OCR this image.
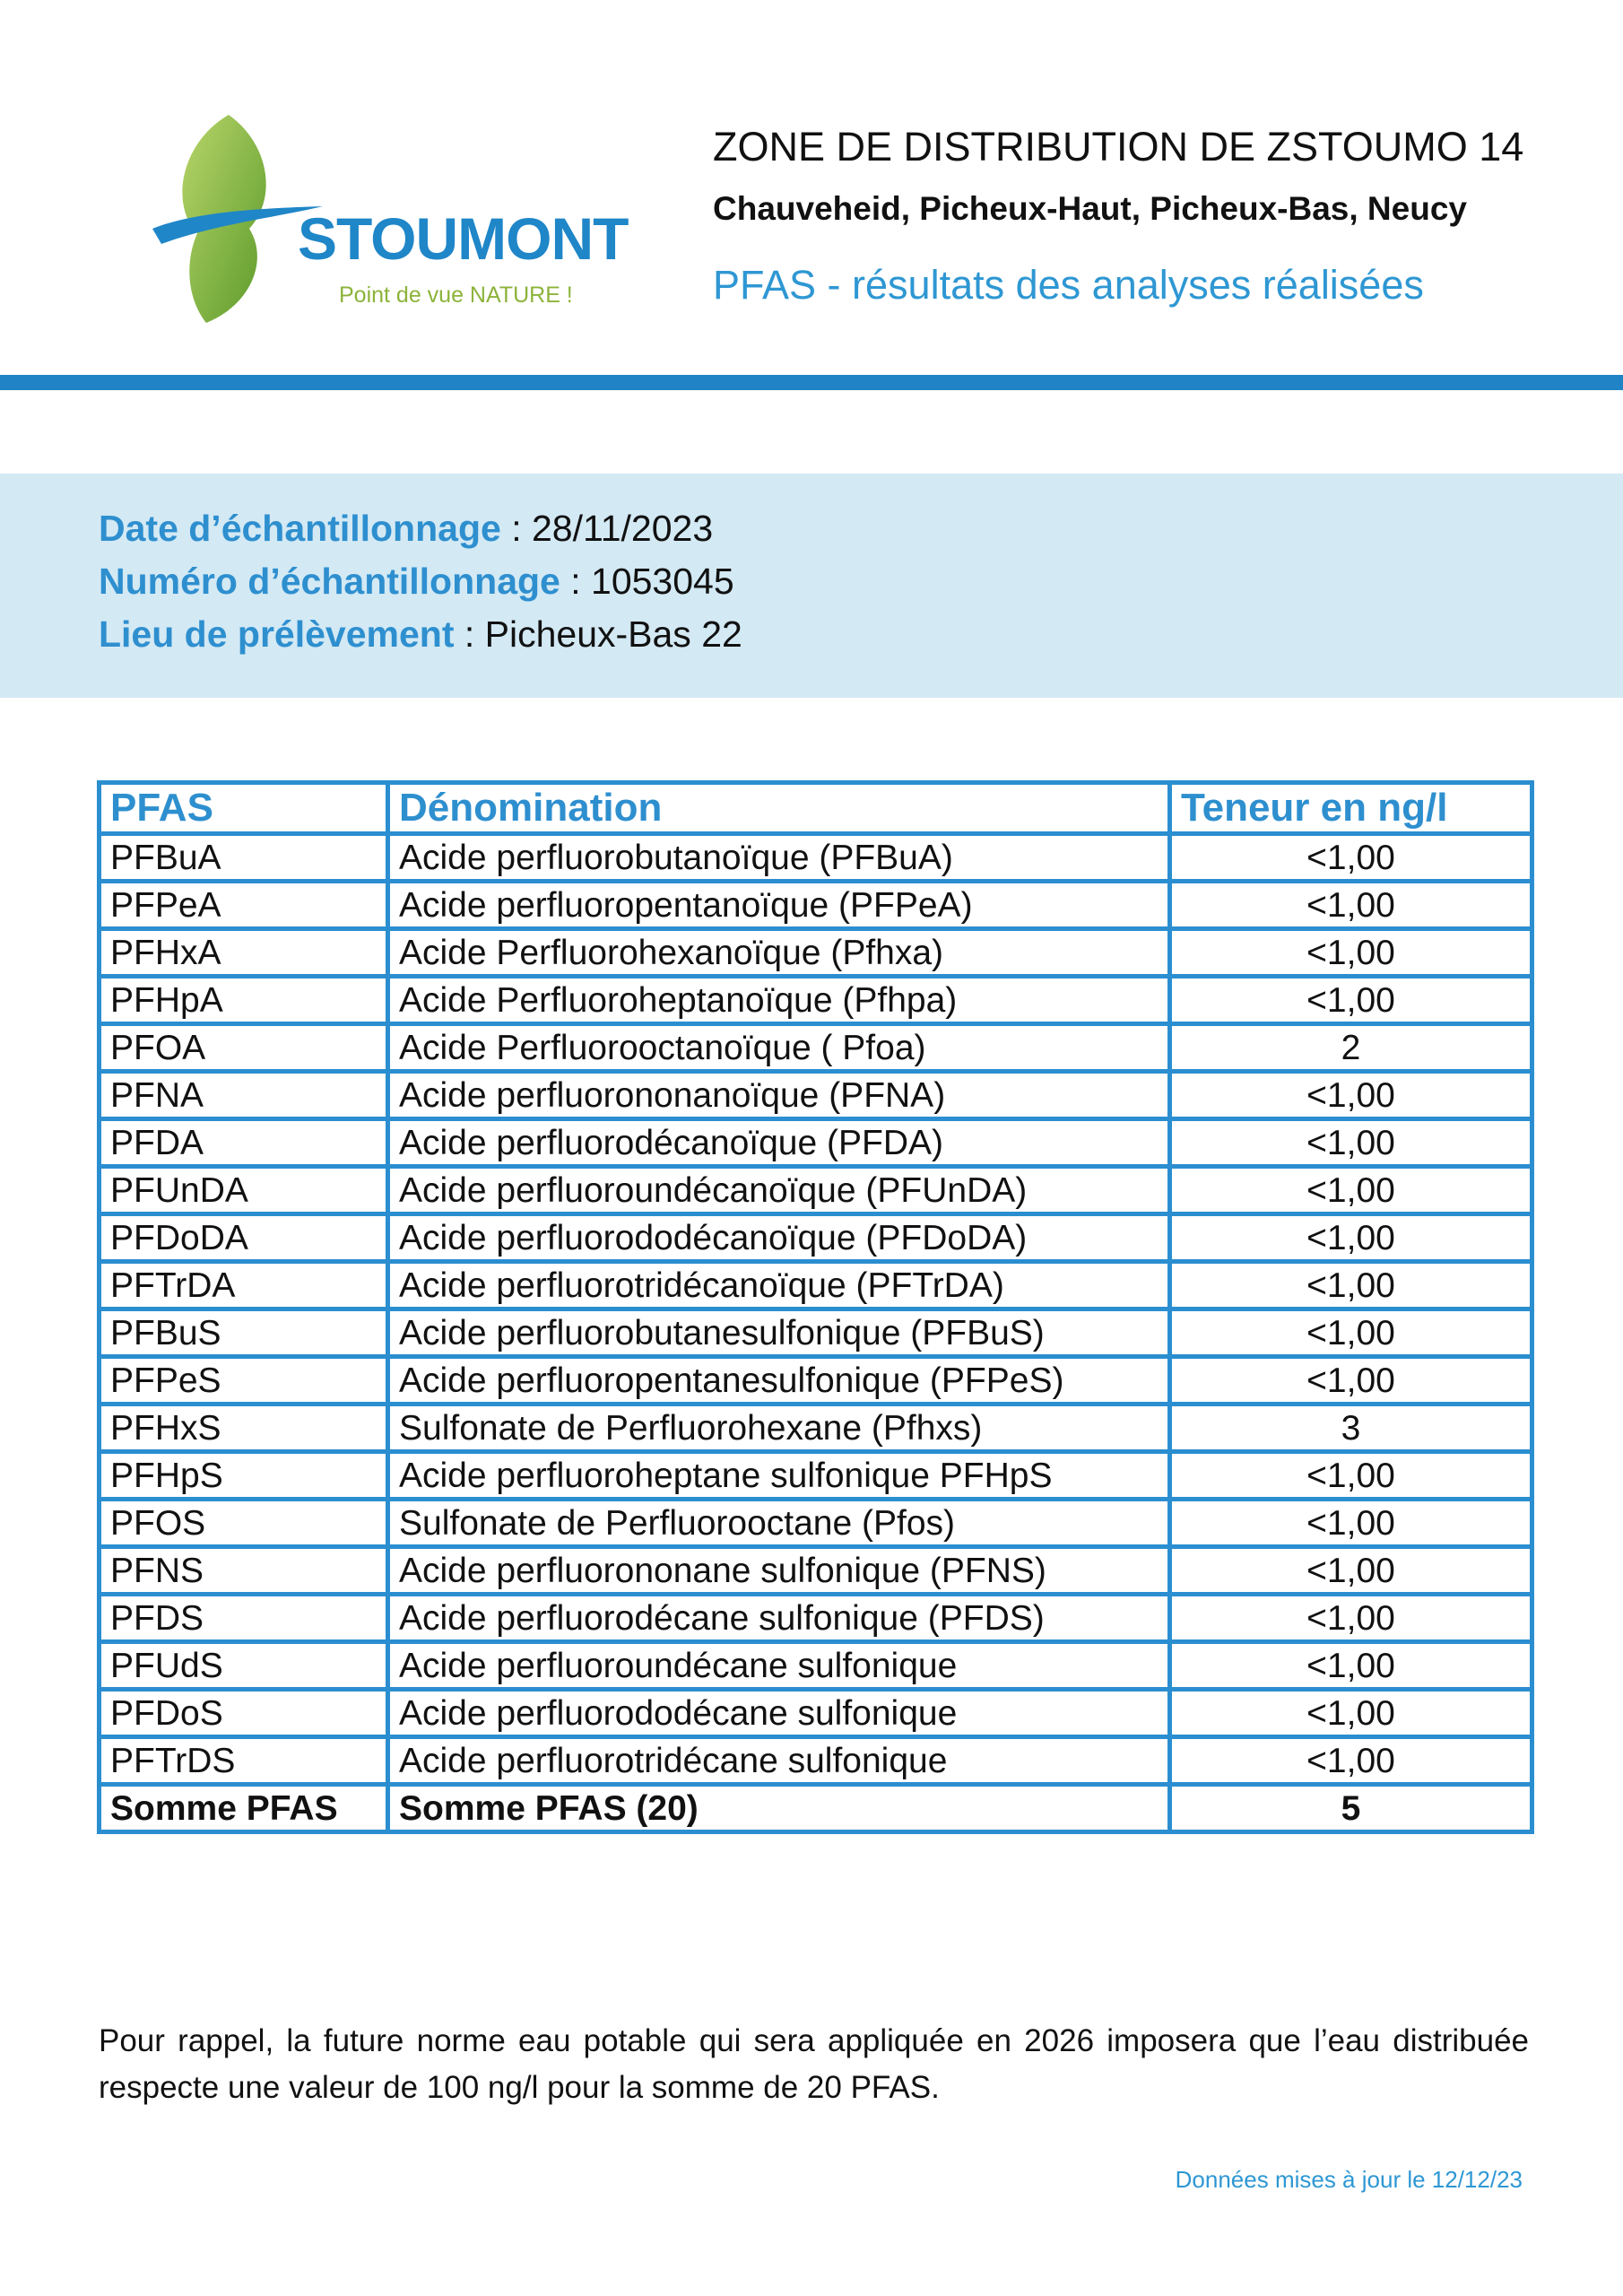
STOUMONT
Point de vue NATURE !
ZONE DE DISTRIBUTION DE ZSTOUMO 14
Chauveheid, Picheux-Haut, Picheux-Bas, Neucy
PFAS - résultats des analyses réalisées
Date d’échantillonnage : 28/11/2023
Numéro d’échantillonnage : 1053045
Lieu de prélèvement : Picheux-Bas 22
PFAS	Dénomination	Teneur en ng/l
PFBuA	Acide perfluorobutanoïque (PFBuA)	<1,00
PFPeA	Acide perfluoropentanoïque (PFPeA)	<1,00
PFHxA	Acide Perfluorohexanoïque (Pfhxa)	<1,00
PFHpA	Acide Perfluoroheptanoïque (Pfhpa)	<1,00
PFOA	Acide Perfluorooctanoïque ( Pfoa)	2
PFNA	Acide perfluorononanoïque (PFNA)	<1,00
PFDA	Acide perfluorodécanoïque (PFDA)	<1,00
PFUnDA	Acide perfluoroundécanoïque (PFUnDA)	<1,00
PFDoDA	Acide perfluorododécanoïque (PFDoDA)	<1,00
PFTrDA	Acide perfluorotridécanoïque (PFTrDA)	<1,00
PFBuS	Acide perfluorobutanesulfonique (PFBuS)	<1,00
PFPeS	Acide perfluoropentanesulfonique (PFPeS)	<1,00
PFHxS	Sulfonate de Perfluorohexane (Pfhxs)	3
PFHpS	Acide perfluoroheptane sulfonique PFHpS	<1,00
PFOS	Sulfonate de Perfluorooctane (Pfos)	<1,00
PFNS	Acide perfluorononane sulfonique (PFNS)	<1,00
PFDS	Acide perfluorodécane sulfonique (PFDS)	<1,00
PFUdS	Acide perfluoroundécane sulfonique	<1,00
PFDoS	Acide perfluorododécane sulfonique	<1,00
PFTrDS	Acide perfluorotridécane sulfonique	<1,00
Somme PFAS	Somme PFAS (20)	5
Pour rappel, la future norme eau potable qui sera appliquée en 2026 imposera que l’eau distribuée respecte une valeur de 100 ng/l pour la somme de 20 PFAS.
Données mises à jour le 12/12/23
